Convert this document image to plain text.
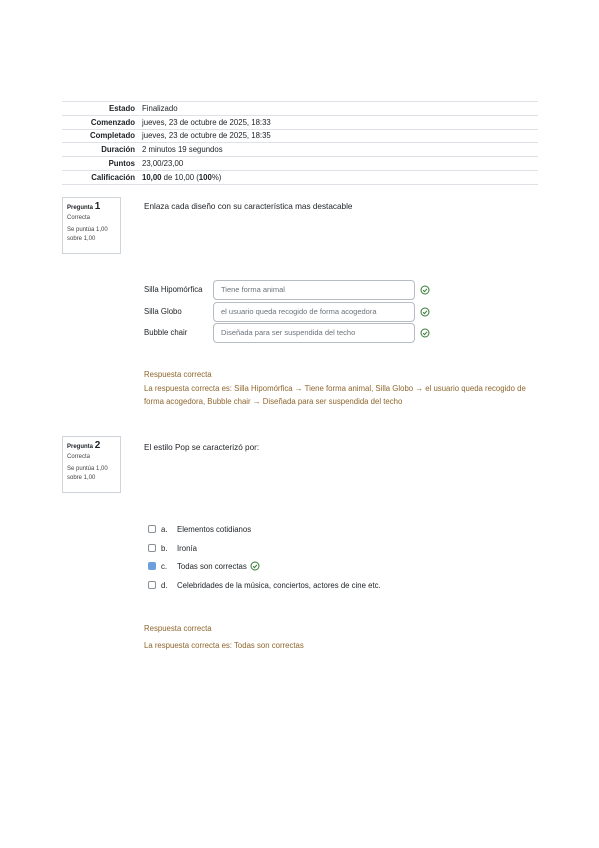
Estado Finalizado
Comenzado jueves, 23 de octubre de 2025, 18:33
Completado jueves, 23 de octubre de 2025, 18:35
Duración 2 minutos 19 segundos
Puntos 23,00/23,00
Calificación 10,00 de 10,00 (100%)
Pregunta 1
Correcta
Se puntúa 1,00 sobre 1,00
Enlaza cada diseño con su característica mas destacable
Silla Hipomórfica	Tiene forma animal
Silla Globo	el usuario queda recogido de forma acogedora
Bubble chair	Diseñada para ser suspendida del techo
Respuesta correcta
La respuesta correcta es: Silla Hipomórfica → Tiene forma animal, Silla Globo → el usuario queda recogido de forma acogedora, Bubble chair → Diseñada para ser suspendida del techo
Pregunta 2
Correcta
Se puntúa 1,00 sobre 1,00
El estilo Pop se caracterizó por:
a.	Elementos cotidianos
b.	Ironía
c.	Todas son correctas
d.	Celebridades de la música, conciertos, actores de cine etc.
Respuesta correcta
La respuesta correcta es: Todas son correctas
